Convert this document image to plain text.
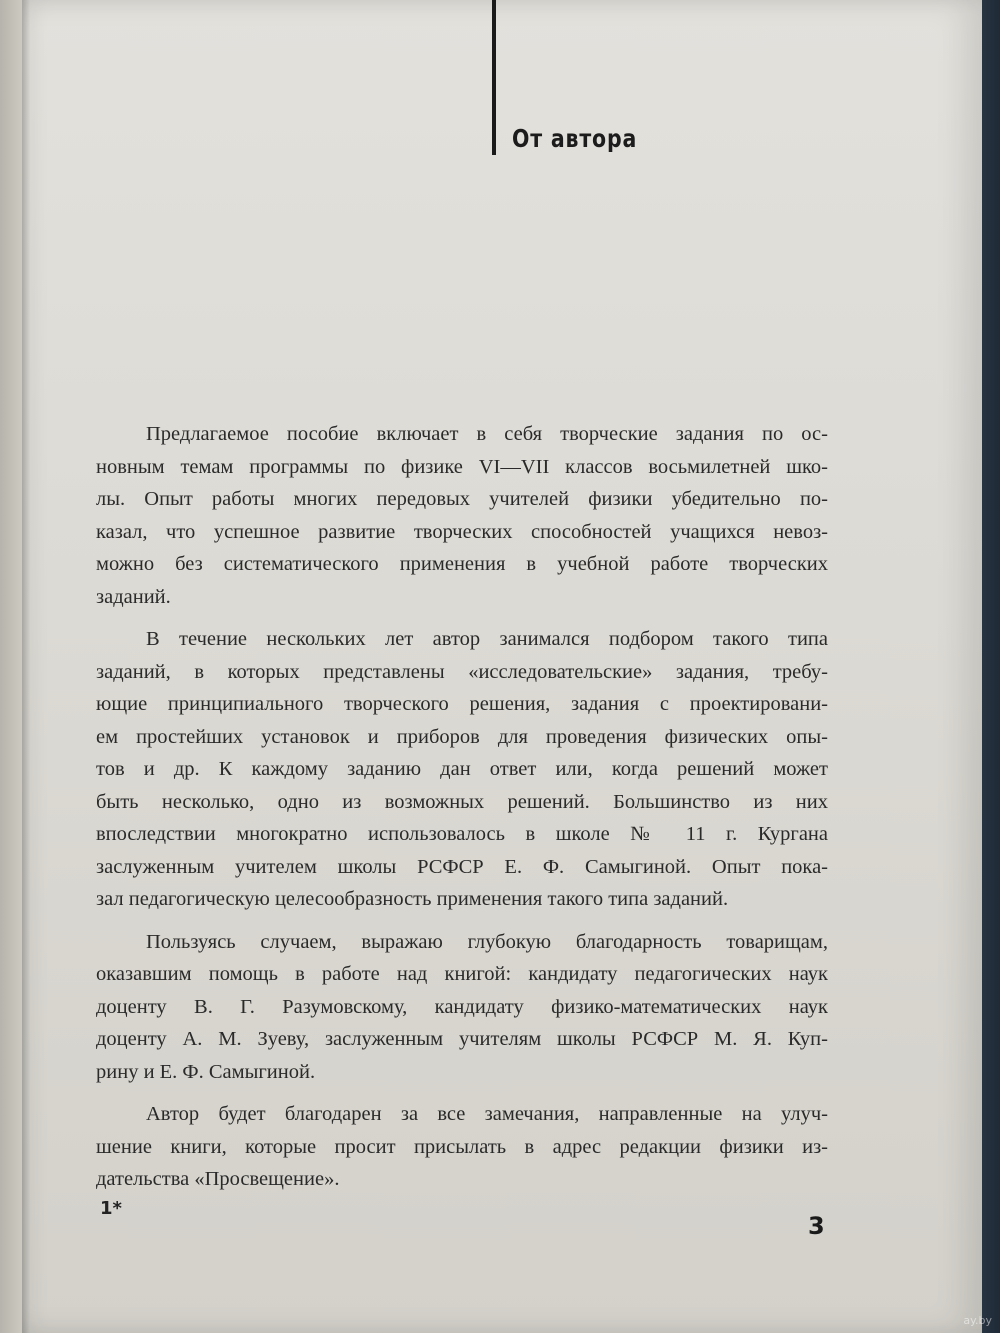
От автора
Предлагаемое пособие включает в себя творческие задания по ос-
новным темам программы по физике VI—VII классов восьмилетней шко-
лы. Опыт работы многих передовых учителей физики убедительно по-
казал, что успешное развитие творческих способностей учащихся невоз-
можно без систематического применения в учебной работе творческих
заданий.
В течение нескольких лет автор занимался подбором такого типа
заданий, в которых представлены «исследовательские» задания, требу-
ющие принципиального творческого решения, задания с проектировани-
ем простейших установок и приборов для проведения физических опы-
тов и др. К каждому заданию дан ответ или, когда решений может
быть несколько, одно из возможных решений. Большинство из них
впоследствии многократно использовалось в школе № 11 г. Кургана
заслуженным учителем школы РСФСР Е. Ф. Самыгиной. Опыт пока-
зал педагогическую целесообразность применения такого типа заданий.
Пользуясь случаем, выражаю глубокую благодарность товарищам,
оказавшим помощь в работе над книгой: кандидату педагогических наук
доценту В. Г. Разумовскому, кандидату физико-математических наук
доценту А. М. Зуеву, заслуженным учителям школы РСФСР М. Я. Куп-
рину и Е. Ф. Самыгиной.
Автор будет благодарен за все замечания, направленные на улуч-
шение книги, которые просит присылать в адрес редакции физики из-
дательства «Просвещение».
1*
3
ay.by
